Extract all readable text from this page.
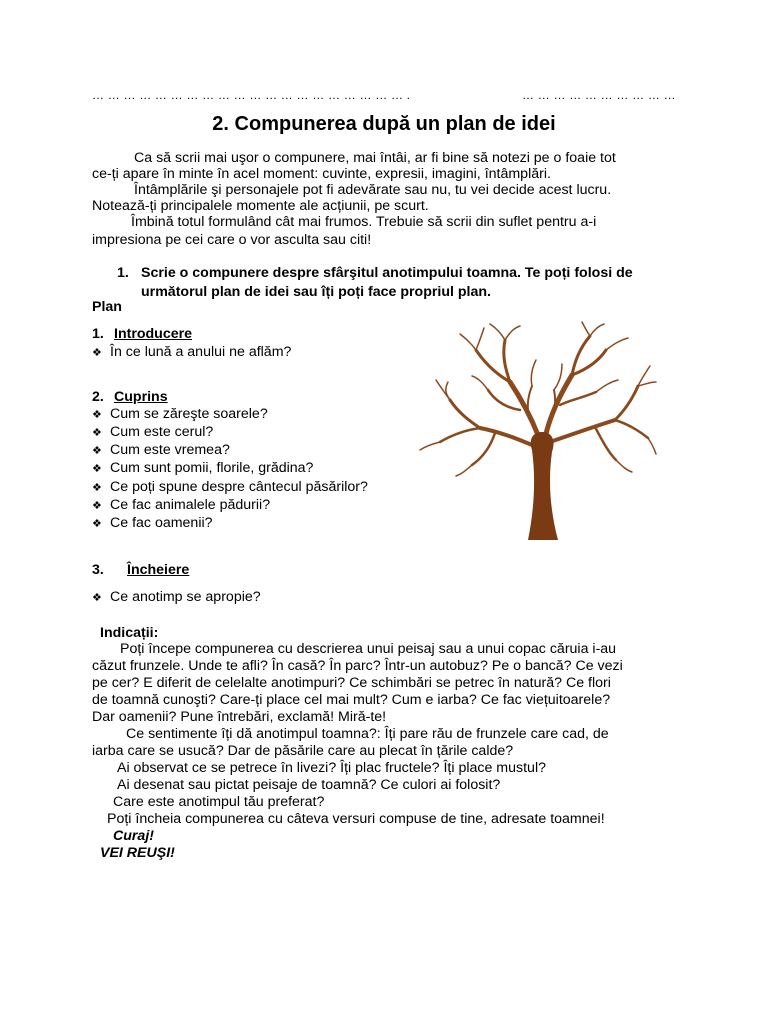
… … … … … … … … … … … … … … … … … … … … .	… … … … … … … … … …
2. Compunerea după un plan de idei
Ca să scrii mai uşor o compunere, mai întâi, ar fi bine să notezi pe o foaie tot
ce-ți apare în minte în acel moment: cuvinte, expresii, imagini, întâmplări.
Întâmplările şi personajele pot fi adevărate sau nu, tu vei decide acest lucru.
Notează-ți principalele momente ale acțiunii, pe scurt.
Îmbină totul formulând cât mai frumos. Trebuie să scrii din suflet pentru a-i
impresiona pe cei care o vor asculta sau citi!
1. Scrie o compunere despre sfârşitul anotimpului toamna. Te poți folosi de
următorul plan de idei sau îți poți face propriul plan.
Plan
1. Introducere
❖ În ce lună a anului ne aflăm?
2. Cuprins
❖ Cum se zăreşte soarele?
❖ Cum este cerul?
❖ Cum este vremea?
❖ Cum sunt pomii, florile, grădina?
❖ Ce poți spune despre cântecul păsărilor?
❖ Ce fac animalele pădurii?
❖ Ce fac oamenii?
3. Încheiere
❖ Ce anotimp se apropie?
Indicații:
Poți începe compunerea cu descrierea unui peisaj sau a unui copac căruia i-au
căzut frunzele. Unde te afli? În casă? În parc? Într-un autobuz? Pe o bancă? Ce vezi
pe cer? E diferit de celelalte anotimpuri? Ce schimbări se petrec în natură? Ce flori
de toamnă cunoşti? Care-ți place cel mai mult? Cum e iarba? Ce fac viețuitoarele?
Dar oamenii? Pune întrebări, exclamă! Miră-te!
Ce sentimente îți dă anotimpul toamna?: Îți pare rău de frunzele care cad, de
iarba care se usucă? Dar de păsările care au plecat în țările calde?
Ai observat ce se petrece în livezi? Îți plac fructele? Îți place mustul?
Ai desenat sau pictat peisaje de toamnă? Ce culori ai folosit?
Care este anotimpul tău preferat?
Poți încheia compunerea cu câteva versuri compuse de tine, adresate toamnei!
Curaj!
VEI REUŞI!
